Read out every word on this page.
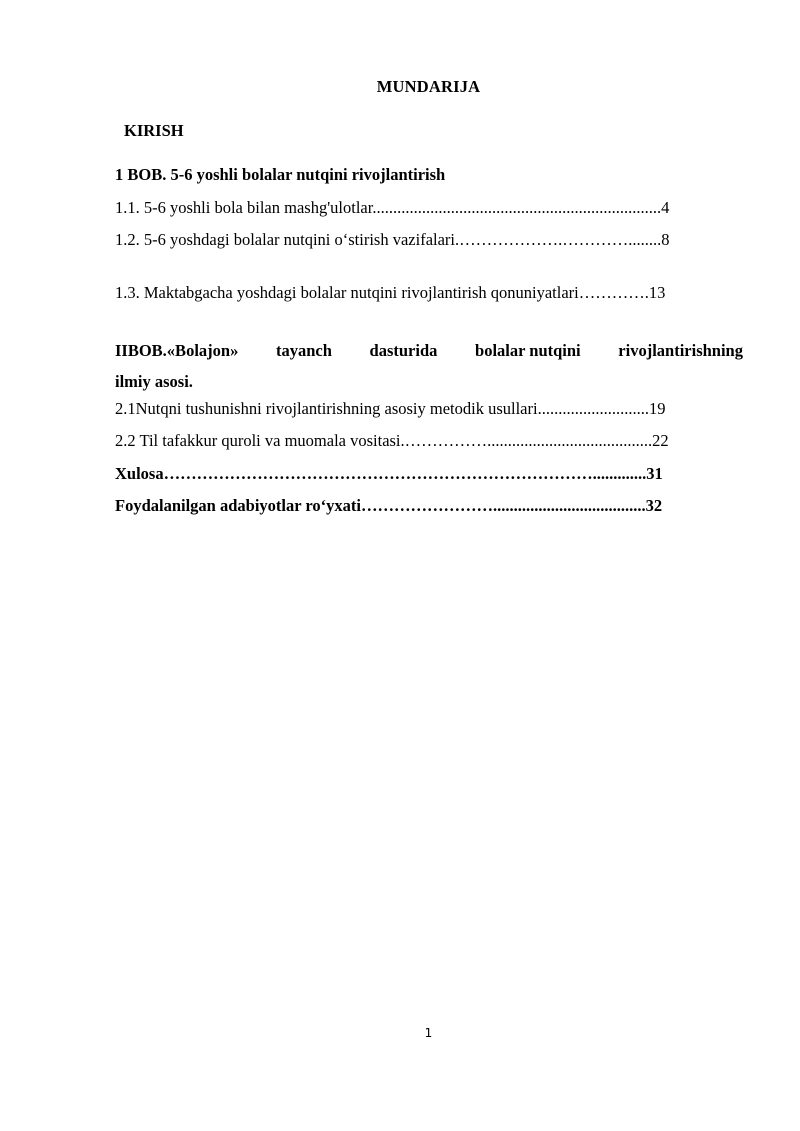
MUNDARIJA
KIRISH
1 BOB. 5-6 yoshli bolalar nutqini rivojlantirish
1.1. 5-6 yoshli bola bilan mashg'ulotlar......................................................................4
1.2. 5-6 yoshdagi bolalar nutqini o‘stirish vazifalari.……………….…………........8
1.3. Maktabgacha yoshdagi bolalar nutqini rivojlantirish qonuniyatlari………….13
IIBOB.«Bolajon» tayanch dasturida bolalar nutqini rivojlantirishning
ilmiy asosi.
2.1Nutqni tushunishni rivojlantirishning asosiy metodik usullari...........................19
2.2 Til tafakkur quroli va muomala vositasi.……………........................................22
Xulosa…………………………………………………………………….............31
Foydalanilgan adabiyotlar ro‘yxati…………………….....................................32
1
